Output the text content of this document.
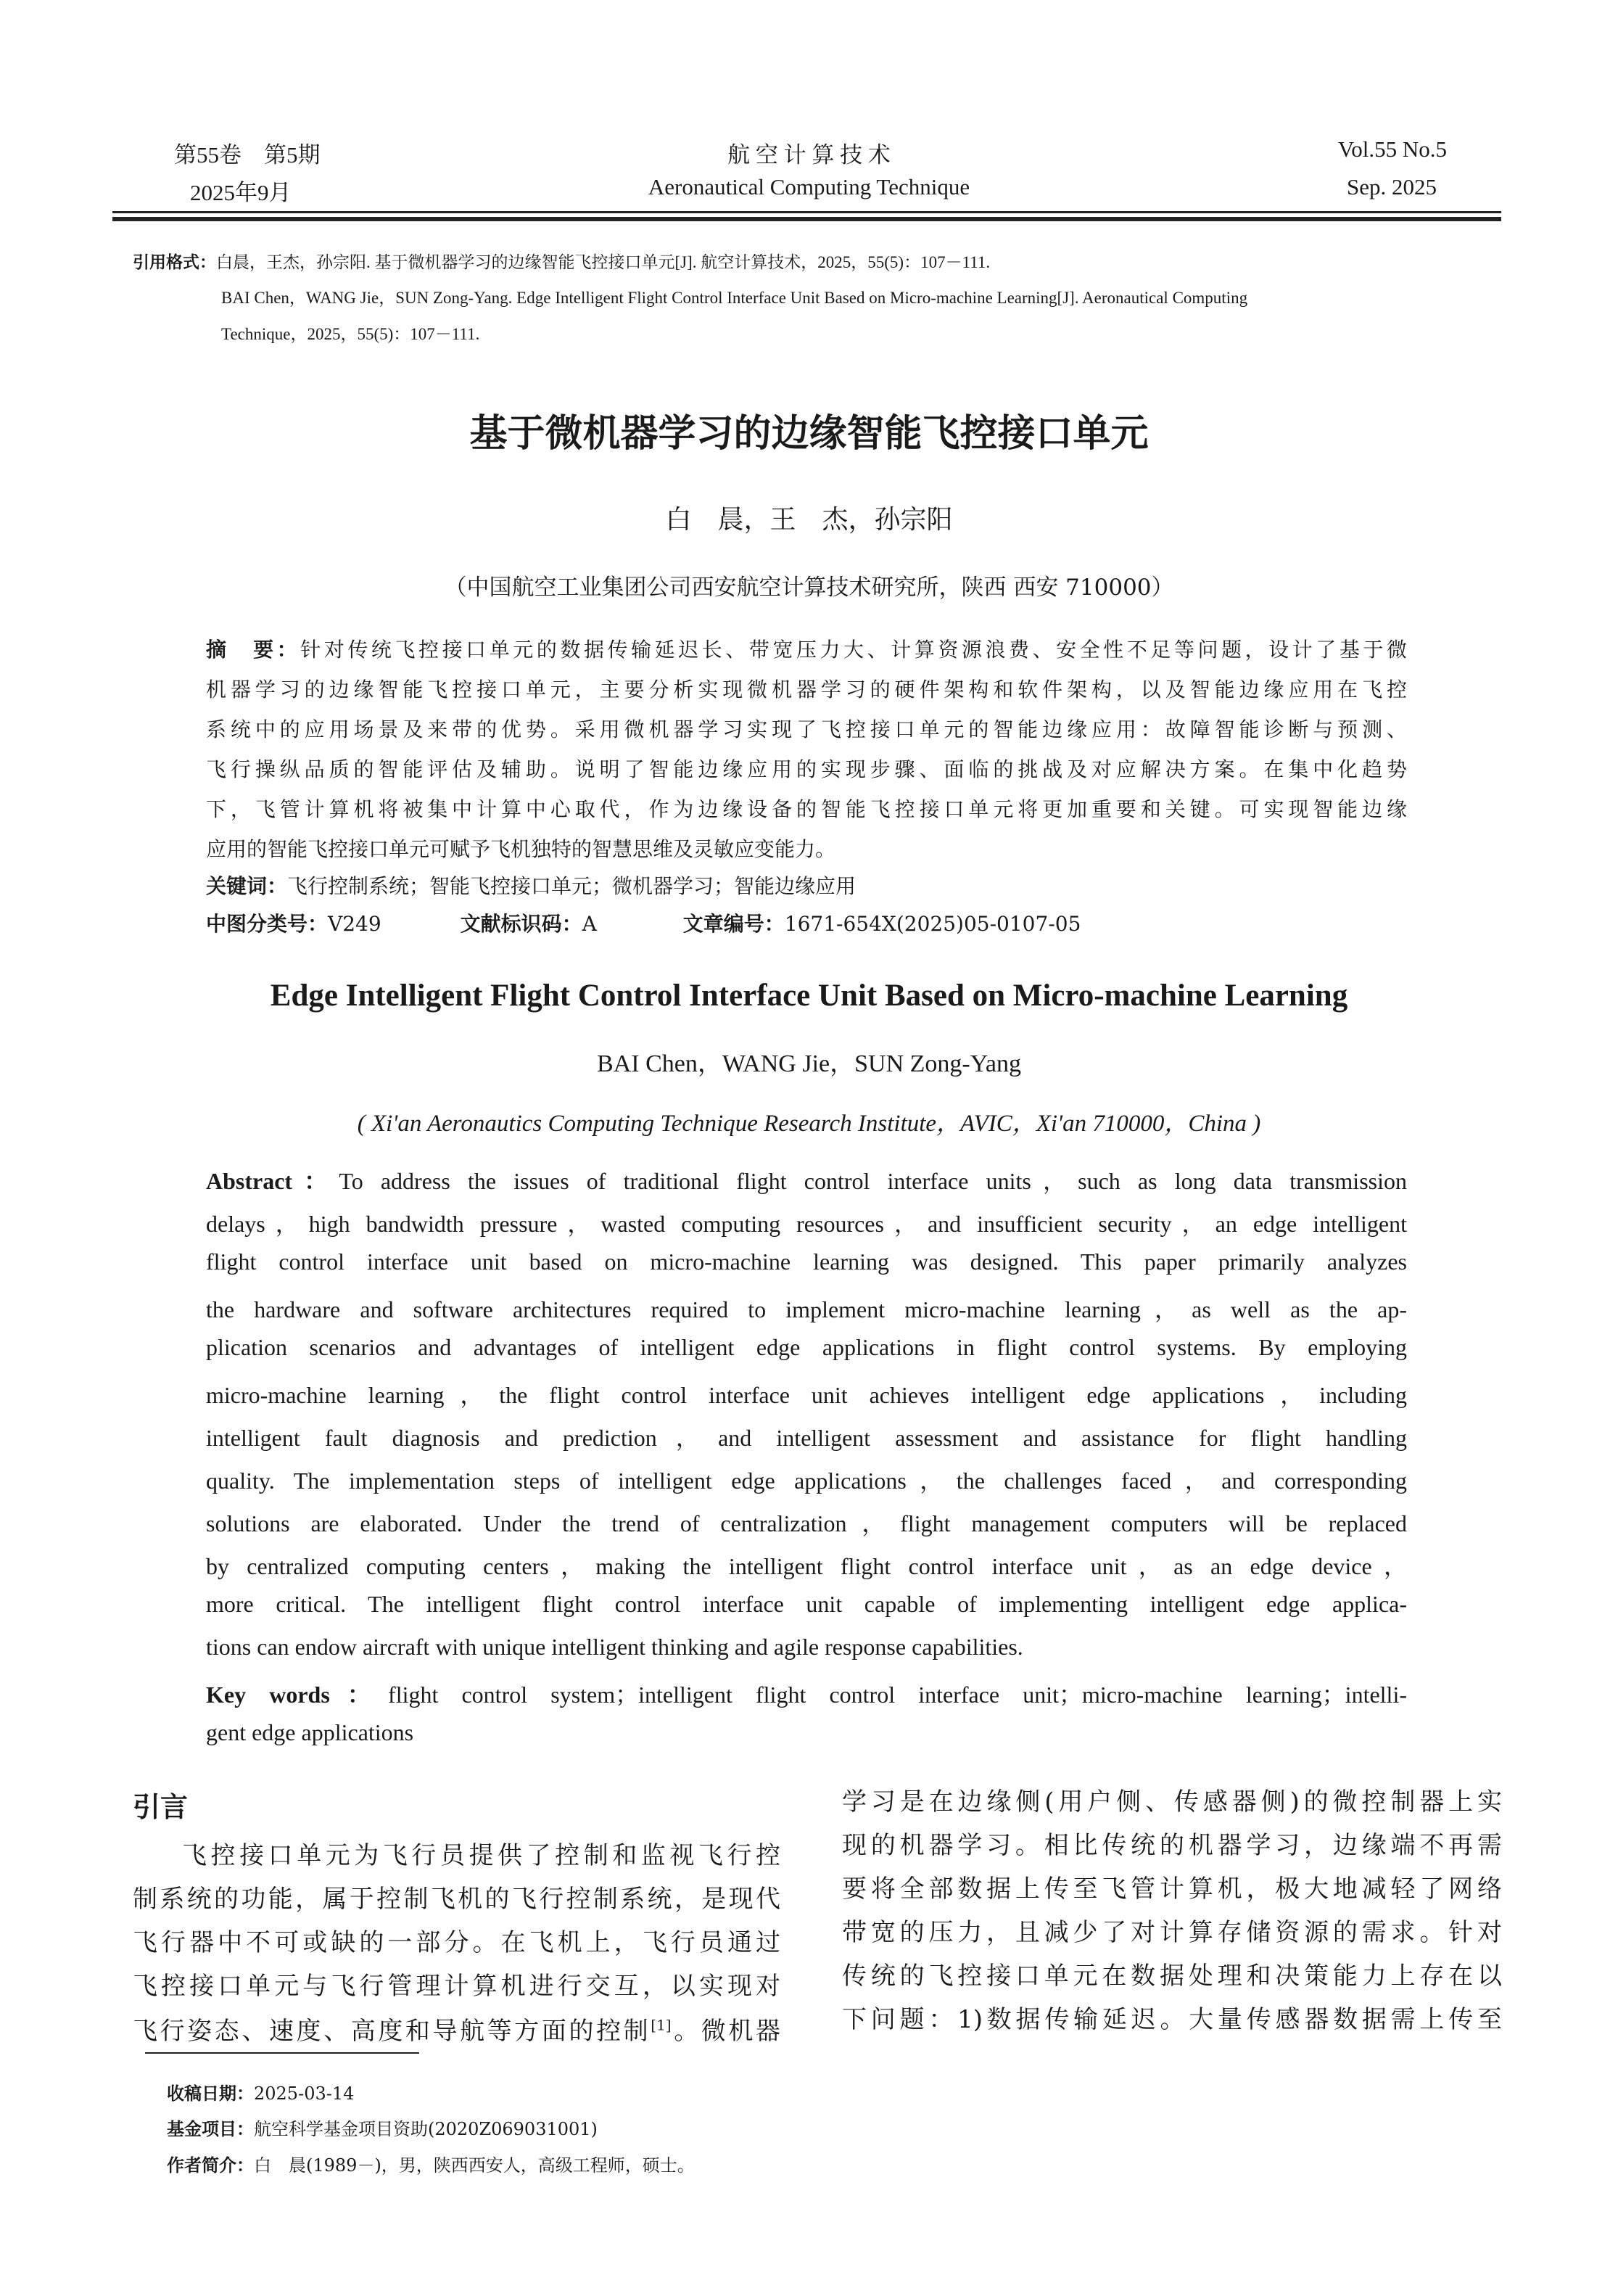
第55卷　第5期
2025年9月
航 空 计 算 技 术
Aeronautical Computing Technique
Vol.55 No.5
Sep. 2025
引用格式：白晨，王杰，孙宗阳. 基于微机器学习的边缘智能飞控接口单元[J]. 航空计算技术，2025，55(5)：107－111.
BAI Chen，WANG Jie，SUN Zong-Yang. Edge Intelligent Flight Control Interface Unit Based on Micro-machine Learning[J]. Aeronautical Computing
Technique，2025，55(5)：107－111.
基于微机器学习的边缘智能飞控接口单元
白　晨，王　杰，孙宗阳
（中国航空工业集团公司西安航空计算技术研究所，陕西 西安 710000）
摘　要：针对传统飞控接口单元的数据传输延迟长、带宽压力大、计算资源浪费、安全性不足等问题，设计了基于微
机器学习的边缘智能飞控接口单元，主要分析实现微机器学习的硬件架构和软件架构，以及智能边缘应用在飞控
系统中的应用场景及来带的优势。采用微机器学习实现了飞控接口单元的智能边缘应用：故障智能诊断与预测、
飞行操纵品质的智能评估及辅助。说明了智能边缘应用的实现步骤、面临的挑战及对应解决方案。在集中化趋势
下，飞管计算机将被集中计算中心取代，作为边缘设备的智能飞控接口单元将更加重要和关键。可实现智能边缘
应用的智能飞控接口单元可赋予飞机独特的智慧思维及灵敏应变能力。
关键词：飞行控制系统；智能飞控接口单元；微机器学习；智能边缘应用
中图分类号：V249	文献标识码：A	文章编号：1671-654X(2025)05-0107-05
Edge Intelligent Flight Control Interface Unit Based on Micro-machine Learning
BAI Chen，WANG Jie，SUN Zong-Yang
( Xi'an Aeronautics Computing Technique Research Institute，AVIC，Xi'an 710000，China )
Abstract：To address the issues of traditional flight control interface units，such as long data transmission
delays，high bandwidth pressure，wasted computing resources，and insufficient security，an edge intelligent
flight control interface unit based on micro-machine learning was designed. This paper primarily analyzes
the hardware and software architectures required to implement micro-machine learning，as well as the ap-
plication scenarios and advantages of intelligent edge applications in flight control systems. By employing
micro-machine learning，the flight control interface unit achieves intelligent edge applications，including
intelligent fault diagnosis and prediction，and intelligent assessment and assistance for flight handling
quality. The implementation steps of intelligent edge applications，the challenges faced，and corresponding
solutions are elaborated. Under the trend of centralization，flight management computers will be replaced
by centralized computing centers，making the intelligent flight control interface unit，as an edge device，
more critical. The intelligent flight control interface unit capable of implementing intelligent edge applica-
tions can endow aircraft with unique intelligent thinking and agile response capabilities.
Key words：flight control system；intelligent flight control interface unit；micro-machine learning；intelli-
gent edge applications
引言
飞控接口单元为飞行员提供了控制和监视飞行控
制系统的功能，属于控制飞机的飞行控制系统，是现代
飞行器中不可或缺的一部分。在飞机上，飞行员通过
飞控接口单元与飞行管理计算机进行交互，以实现对
飞行姿态、速度、高度和导航等方面的控制[1]。微机器
学习是在边缘侧(用户侧、传感器侧)的微控制器上实
现的机器学习。相比传统的机器学习，边缘端不再需
要将全部数据上传至飞管计算机，极大地减轻了网络
带宽的压力，且减少了对计算存储资源的需求。针对
传统的飞控接口单元在数据处理和决策能力上存在以
下问题：1)数据传输延迟。大量传感器数据需上传至
收稿日期：2025-03-14
基金项目：航空科学基金项目资助(2020Z069031001)
作者简介：白　晨(1989－)，男，陕西西安人，高级工程师，硕士。
